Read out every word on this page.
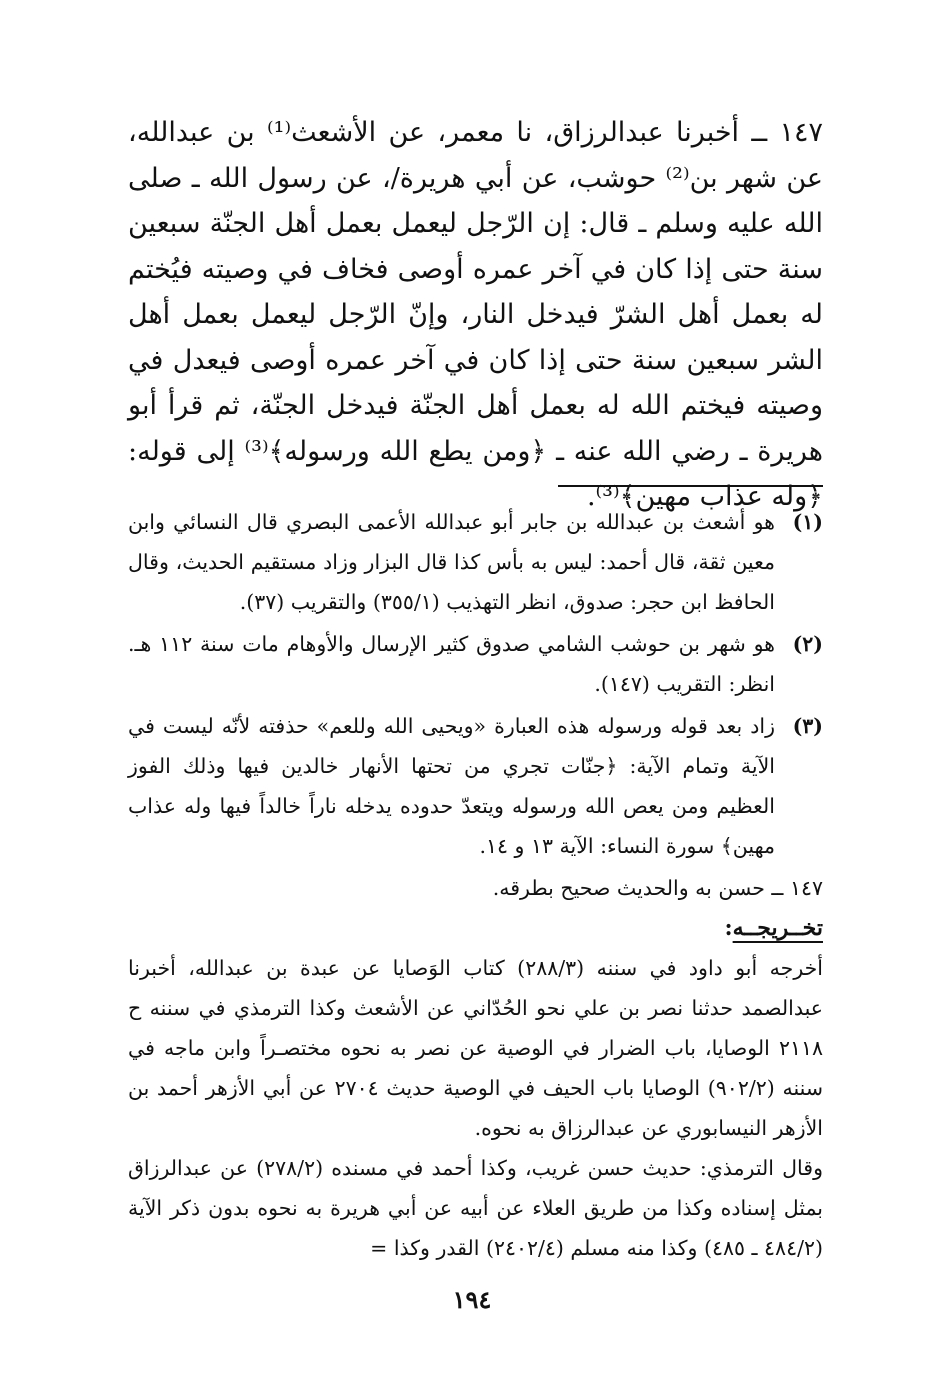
١٤٧ ــ أخبرنا عبدالرزاق، نا معمر، عن الأشعث⁽¹⁾ بن عبدالله، عن شهر بن⁽²⁾ حوشب، عن أبي هريرة/، عن رسول الله ـ صلى الله عليه وسلم ـ قال: إن الرّجل ليعمل بعمل أهل الجنّة سبعين سنة حتى إذا كان في آخر عمره أوصى فخاف في وصيته فيُختم له بعمل أهل الشرّ فيدخل النار، وإنّ الرّجل ليعمل بعمل أهل الشر سبعين سنة حتى إذا كان في آخر عمره أوصى فيعدل في وصيته فيختم الله له بعمل أهل الجنّة فيدخل الجنّة، ثم قرأ أبو هريرة ـ رضي الله عنه ـ ﴿ومن يطع الله ورسوله﴾⁽³⁾ إلى قوله: ﴿وله عذاب مهين﴾⁽³⁾.

(١)
هو أشعث بن عبدالله بن جابر أبو عبدالله الأعمى البصري قال النسائي وابن معين ثقة، قال أحمد: ليس به بأس كذا قال البزار وزاد مستقيم الحديث، وقال الحافظ ابن حجر: صدوق، انظر التهذيب (٣٥٥/١) والتقريب (٣٧).
(٢)
هو شهر بن حوشب الشامي صدوق كثير الإرسال والأوهام مات سنة ١١٢ هـ. انظر: التقريب (١٤٧).
(٣)
زاد بعد قوله ورسوله هذه العبارة «ويحيى الله وللعم» حذفته لأنّه ليست في الآية وتمام الآية: ﴿جنّات تجري من تحتها الأنهار خالدين فيها وذلك الفوز العظيم ومن يعص الله ورسوله ويتعدّ حدوده يدخله ناراً خالداً فيها وله عذاب مهين﴾ سورة النساء: الآية ١٣ و ١٤.

١٤٧ ــ حسن به والحديث صحيح بطرقه.

تخــريجــه:

أخرجه أبو داود في سننه (٢٨٨/٣) كتاب الوَصايا عن عبدة بن عبدالله، أخبرنا عبدالصمد حدثنا نصر بن علي نحو الحُدّاني عن الأشعث وكذا الترمذي في سننه ح ٢١١٨ الوصايا، باب الضرار في الوصية عن نصر به نحوه مختصـراً وابن ماجه في سننه (٩٠٢/٢) الوصايا باب الحيف في الوصية حديث ٢٧٠٤ عن أبي الأزهر أحمد بن الأزهر النيسابوري عن عبدالرزاق به نحوه.

وقال الترمذي: حديث حسن غريب، وكذا أحمد في مسنده (٢٧٨/٢) عن عبدالرزاق بمثل إسناده وكذا من طريق العلاء عن أبيه عن أبي هريرة به نحوه بدون ذكر الآية (٤٨٤/٢ ـ ٤٨٥) وكذا منه مسلم (٢٤٠٢/٤) القدر وكذا =

١٩٤
